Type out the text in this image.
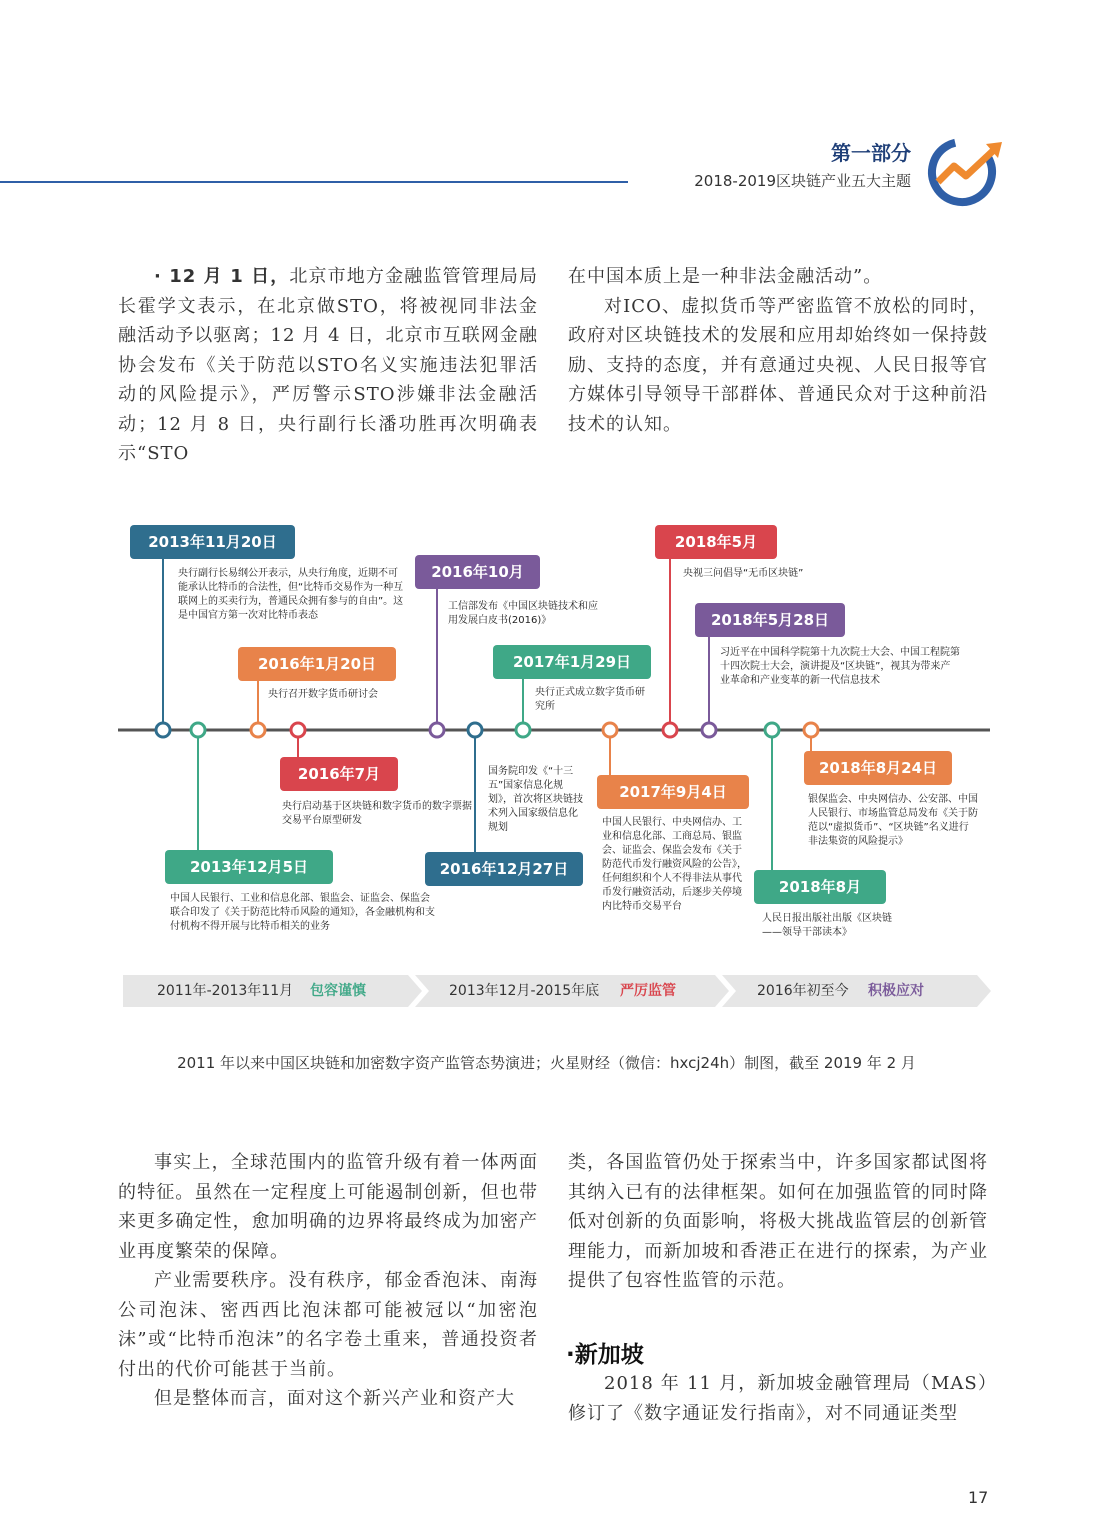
第一部分
2018-2019区块链产业五大主题

· 12 月 1 日，北京市地方金融监管管理局局长霍学文表示，在北京做STO，将被视同非法金融活动予以驱离；12 月 4 日，北京市互联网金融协会发布《关于防范以STO名义实施违法犯罪活动的风险提示》，严厉警示STO涉嫌非法金融活动；12 月 8 日，央行副行长潘功胜再次明确表示“STO

在中国本质上是一种非法金融活动”。

对ICO、虚拟货币等严密监管不放松的同时，政府对区块链技术的发展和应用却始终如一保持鼓励、支持的态度，并有意通过央视、人民日报等官方媒体引导领导干部群体、普通民众对于这种前沿技术的认知。

2013年11月20日
央行副行长易纲公开表示，从央行角度，近期不可能承认比特币的合法性，但“比特币交易作为一种互联网上的买卖行为，普通民众拥有参与的自由”。这是中国官方第一次对比特币表态
2013年12月5日
中国人民银行、工业和信息化部、银监会、证监会、保监会联合印发了《关于防范比特币风险的通知》，各金融机构和支付机构不得开展与比特币相关的业务
2016年1月20日
央行召开数字货币研讨会
2016年7月
央行启动基于区块链和数字货币的数字票据交易平台原型研发
2016年10月
工信部发布《中国区块链技术和应用发展白皮书(2016)》
2016年12月27日
国务院印发《“十三五”国家信息化规划》，首次将区块链技术列入国家级信息化规划
2017年1月29日
央行正式成立数字货币研究所
2017年9月4日
中国人民银行、中央网信办、工业和信息化部、工商总局、银监会、证监会、保监会发布《关于防范代币发行融资风险的公告》，任何组织和个人不得非法从事代币发行融资活动，后逐步关停境内比特币交易平台
2018年5月
央视三问倡导“无币区块链”
2018年5月28日
习近平在中国科学院第十九次院士大会、中国工程院第十四次院士大会，演讲提及“区块链”，视其为带来产业革命和产业变革的新一代信息技术
2018年8月
人民日报出版社出版《区块链——领导干部读本》
2018年8月24日
银保监会、中央网信办、公安部、中国人民银行、市场监管总局发布《关于防范以“虚拟货币”、“区块链”名义进行非法集资的风险提示》
2011年-2013年11月 包容谨慎	2013年12月-2015年底 严厉监管	2016年初至今 积极应对
2011 年以来中国区块链和加密数字资产监管态势演进；火星财经（微信：hxcj24h）制图，截至 2019 年 2 月

事实上，全球范围内的监管升级有着一体两面的特征。虽然在一定程度上可能遏制创新，但也带来更多确定性，愈加明确的边界将最终成为加密产业再度繁荣的保障。

产业需要秩序。没有秩序，郁金香泡沫、南海公司泡沫、密西西比泡沫都可能被冠以“加密泡沫”或“比特币泡沫”的名字卷土重来，普通投资者付出的代价可能甚于当前。

但是整体而言，面对这个新兴产业和资产大

类，各国监管仍处于探索当中，许多国家都试图将其纳入已有的法律框架。如何在加强监管的同时降低对创新的负面影响，将极大挑战监管层的创新管理能力，而新加坡和香港正在进行的探索，为产业提供了包容性监管的示范。

·新加坡

2018 年 11 月，新加坡金融管理局（MAS）修订了《数字通证发行指南》，对不同通证类型

17
